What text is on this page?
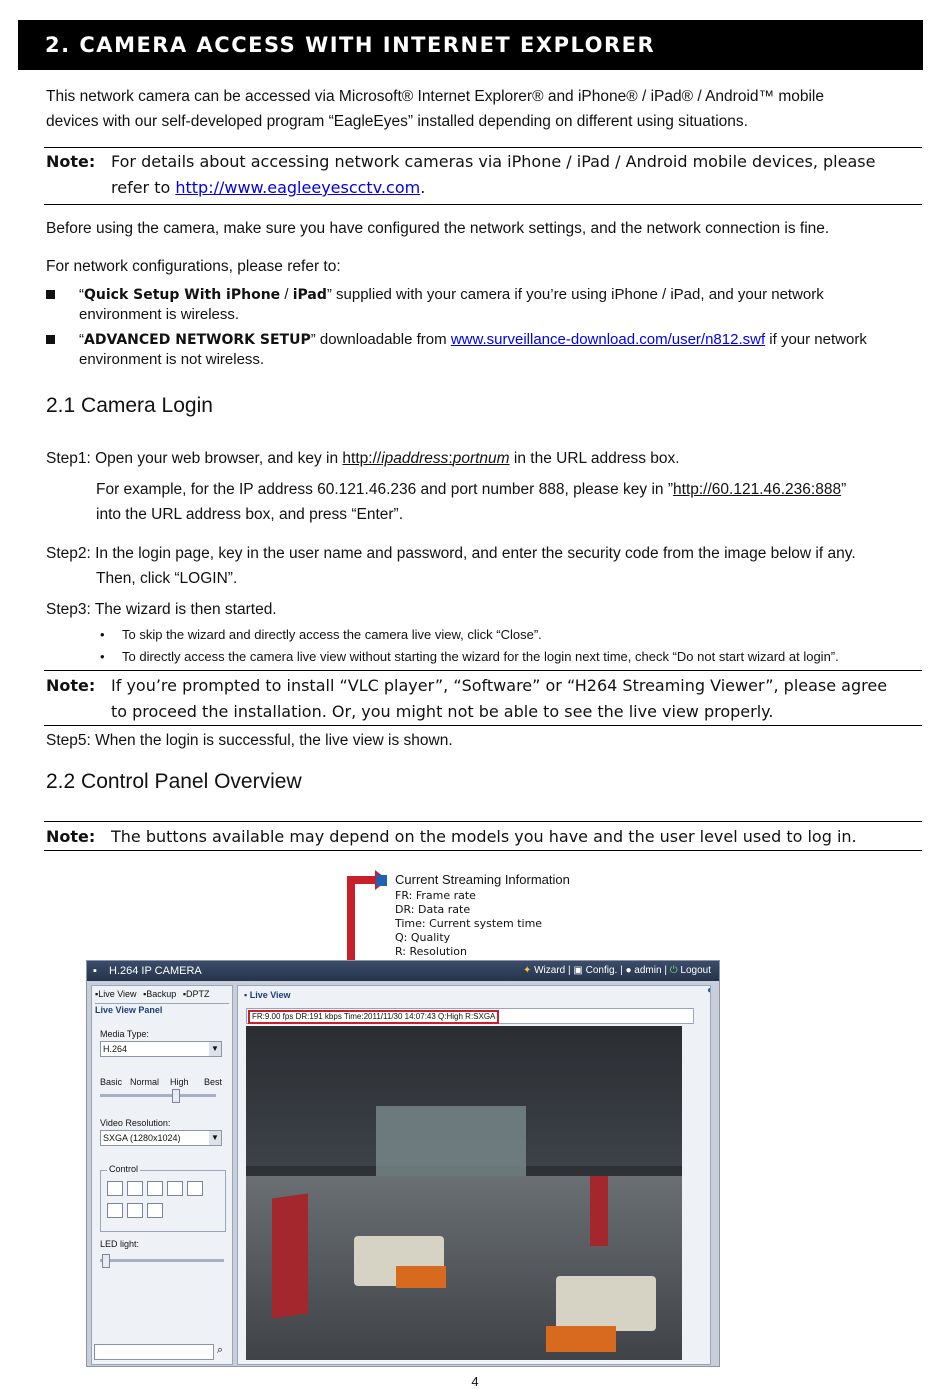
2. CAMERA ACCESS WITH INTERNET EXPLORER
This network camera can be accessed via Microsoft® Internet Explorer® and iPhone® / iPad® / Android™ mobile
devices with our self-developed program “EagleEyes” installed depending on different using situations.
Note: For details about accessing network cameras via iPhone / iPad / Android mobile devices, please
refer to http://www.eagleeyescctv.com.
Before using the camera, make sure you have configured the network settings, and the network connection is fine.
For network configurations, please refer to:
“Quick Setup With iPhone / iPad” supplied with your camera if you’re using iPhone / iPad, and your network
environment is wireless.
“ADVANCED NETWORK SETUP” downloadable from www.surveillance-download.com/user/n812.swf if your network
environment is not wireless.
2.1 Camera Login
Step1: Open your web browser, and key in http://ipaddress:portnum in the URL address box.
For example, for the IP address 60.121.46.236 and port number 888, please key in ”http://60.121.46.236:888”
into the URL address box, and press “Enter”.
Step2: In the login page, key in the user name and password, and enter the security code from the image below if any.
Then, click “LOGIN”.
Step3: The wizard is then started.
• To skip the wizard and directly access the camera live view, click “Close”.
• To directly access the camera live view without starting the wizard for the login next time, check “Do not start wizard at login”.
Note: If you’re prompted to install “VLC player”, “Software” or “H264 Streaming Viewer”, please agree
to proceed the installation. Or, you might not be able to see the live view properly.
Step5: When the login is successful, the live view is shown.
2.2 Control Panel Overview
Note: The buttons available may depend on the models you have and the user level used to log in.
Current Streaming Information
FR: Frame rate
DR: Data rate
Time: Current system time
Q: Quality
R: Resolution
▪ H.264 IP CAMERA	✦ Wizard | ▣ Config. | ● admin | ⏻ Logout
▪Live View ▪Backup ▪DPTZ
Live View Panel
Media Type:
H.264	▼
Basic Normal High Best
Video Resolution:
SXGA (1280x1024)	▼
Control
LED light:
⌕
▪ Live View
FR:9.00 fps DR:191 kbps Time:2011/11/30 14:07:43 Q:High R:SXGA
◐
4
